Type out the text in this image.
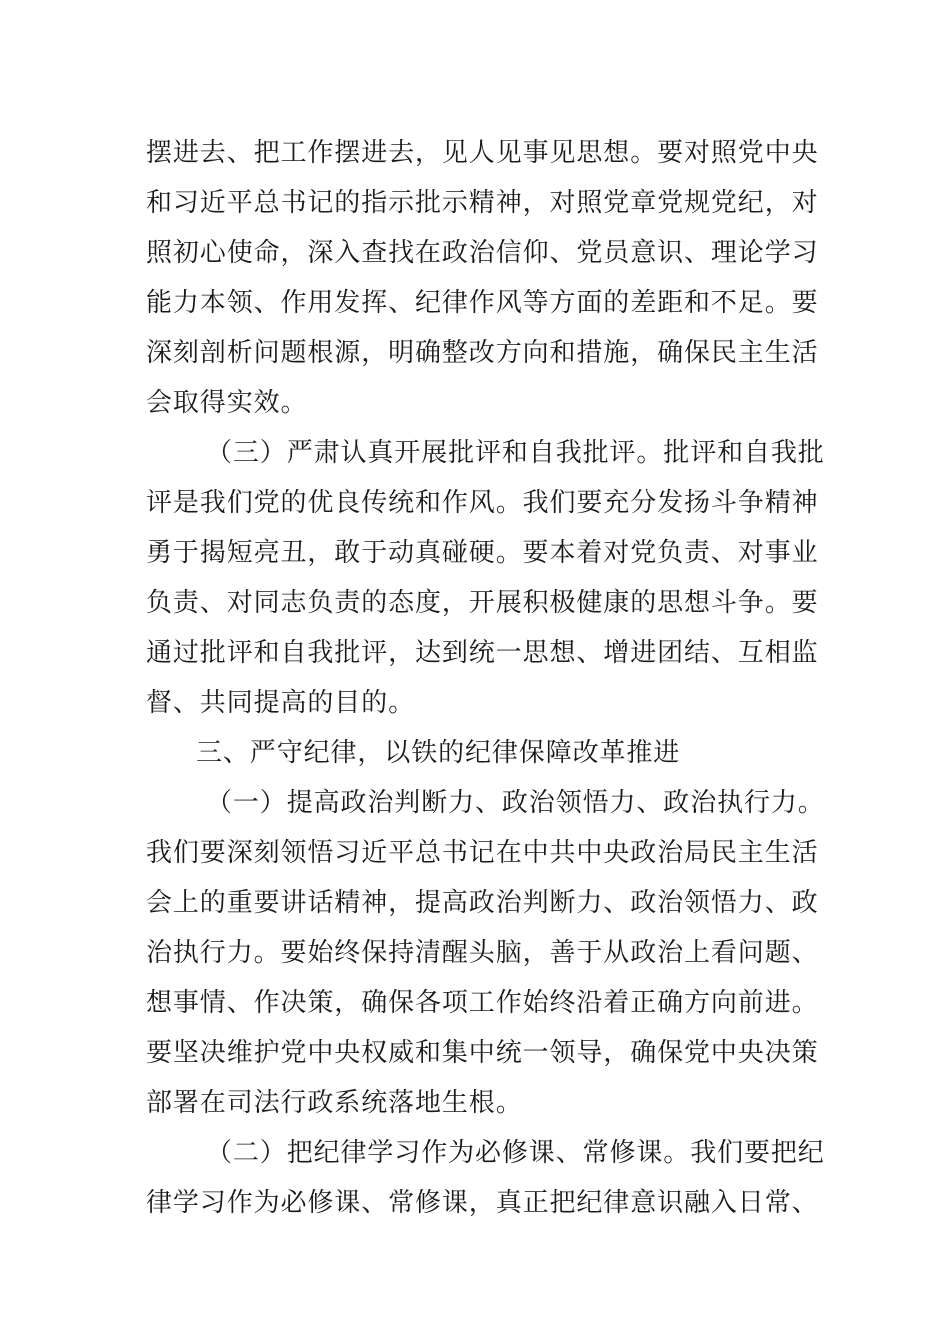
摆进去、把工作摆进去，见人见事见思想。要对照党中央
和习近平总书记的指示批示精神，对照党章党规党纪，对
照初心使命，深入查找在政治信仰、党员意识、理论学习
能力本领、作用发挥、纪律作风等方面的差距和不足。要
深刻剖析问题根源，明确整改方向和措施，确保民主生活
会取得实效。
（三）严肃认真开展批评和自我批评。批评和自我批
评是我们党的优良传统和作风。我们要充分发扬斗争精神
勇于揭短亮丑，敢于动真碰硬。要本着对党负责、对事业
负责、对同志负责的态度，开展积极健康的思想斗争。要
通过批评和自我批评，达到统一思想、增进团结、互相监
督、共同提高的目的。
三、严守纪律，以铁的纪律保障改革推进
（一）提高政治判断力、政治领悟力、政治执行力。
我们要深刻领悟习近平总书记在中共中央政治局民主生活
会上的重要讲话精神，提高政治判断力、政治领悟力、政
治执行力。要始终保持清醒头脑，善于从政治上看问题、
想事情、作决策，确保各项工作始终沿着正确方向前进。
要坚决维护党中央权威和集中统一领导，确保党中央决策
部署在司法行政系统落地生根。
（二）把纪律学习作为必修课、常修课。我们要把纪
律学习作为必修课、常修课，真正把纪律意识融入日常、
